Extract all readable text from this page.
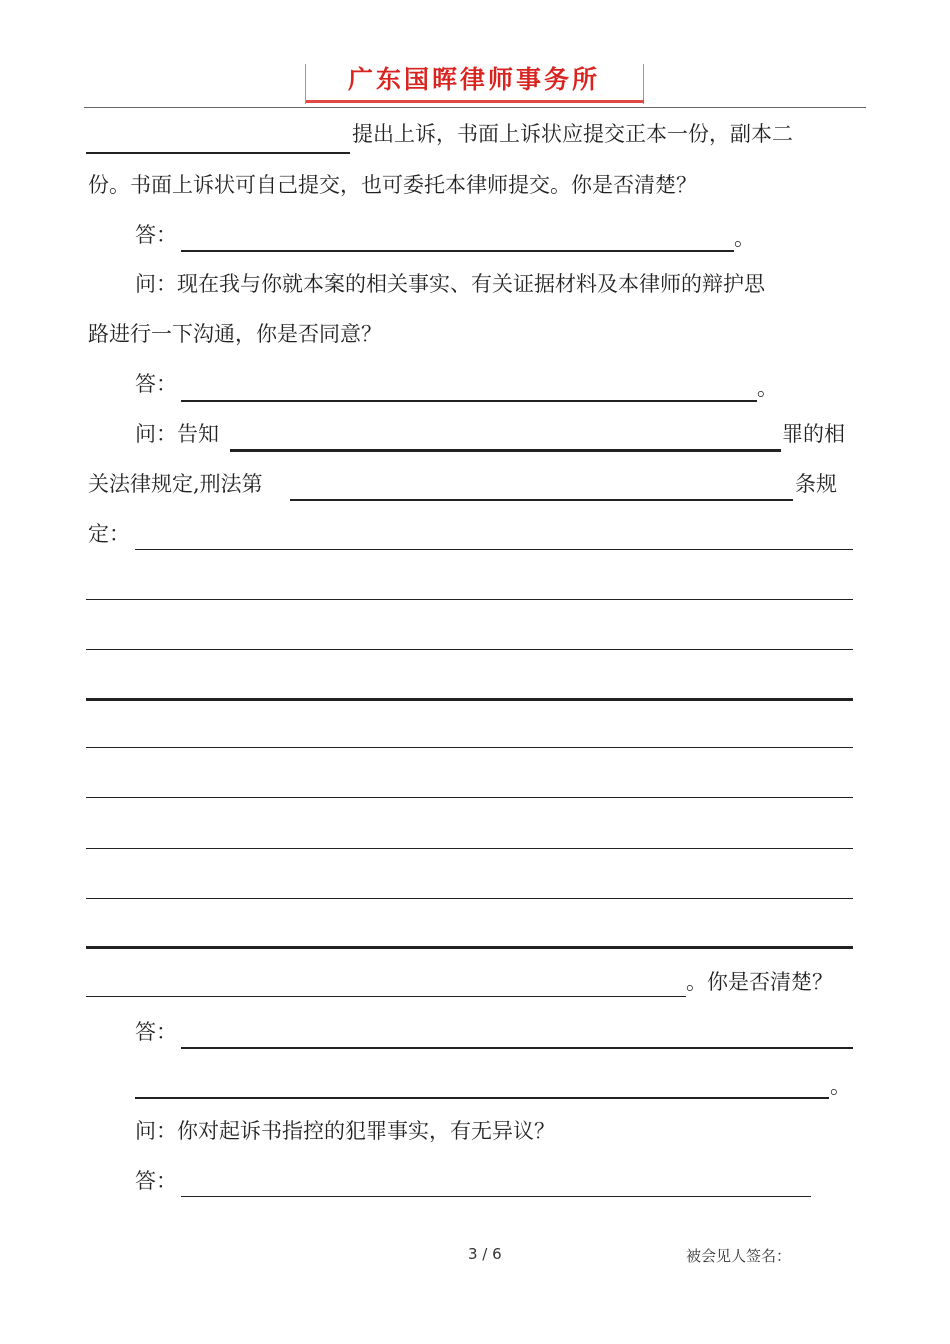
广东国晖律师事务所
提出上诉，书面上诉状应提交正本一份，副本二
份。书面上诉状可自己提交，也可委托本律师提交。你是否清楚？
答：	。
问：现在我与你就本案的相关事实、有关证据材料及本律师的辩护思
路进行一下沟通，你是否同意？
答：	。
问：告知	罪的相
关法律规定,刑法第	条规
定：
。你是否清楚？
答：
。
问：你对起诉书指控的犯罪事实，有无异议？
答：
3 / 6	被会见人签名：
